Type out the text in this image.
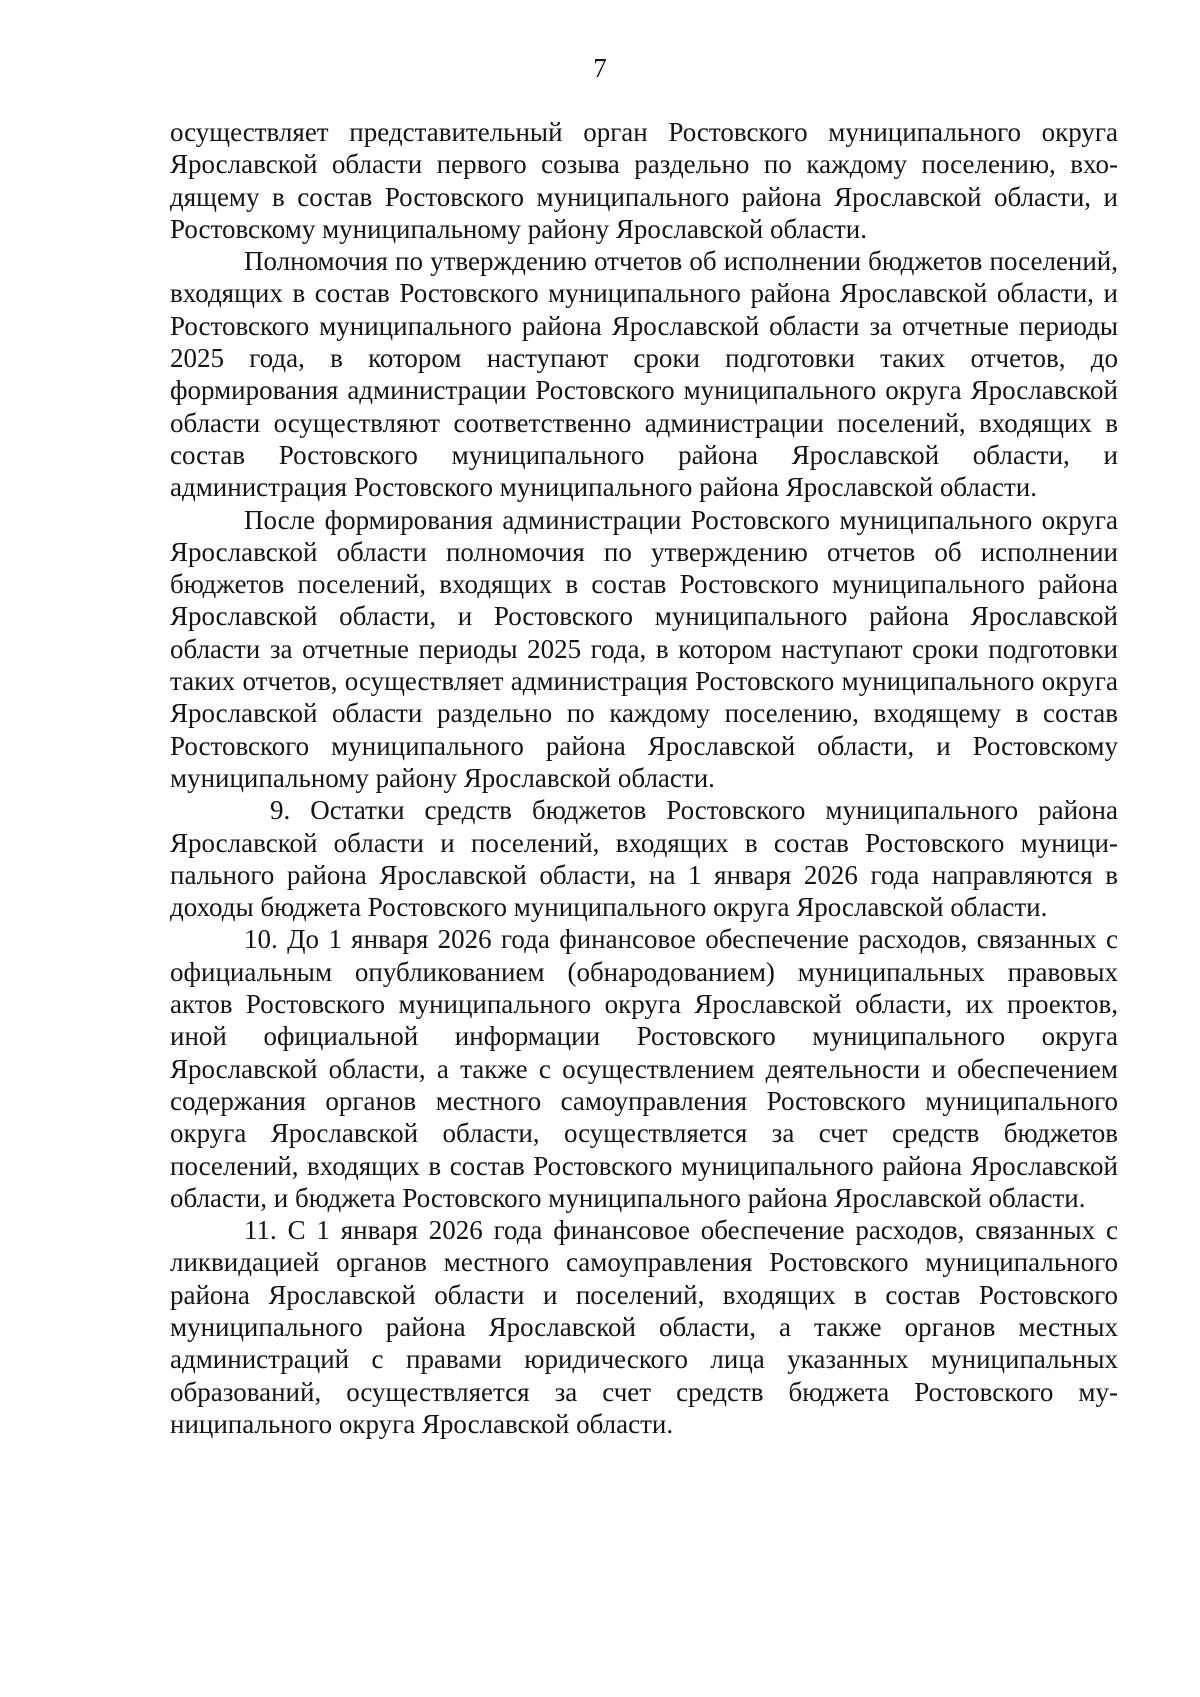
7

осуществляет представительный орган Ростовского муниципального округа Ярославской области первого созыва раздельно по каждому поселению, входящему в состав Ростовского муниципального района Ярославской области, и Ростовскому муниципальному району Ярославской области.

Полномочия по утверждению отчетов об исполнении бюджетов поселений, входящих в состав Ростовского муниципального района Ярославской области, и Ростовского муниципального района Ярославской области за отчетные периоды 2025 года, в котором наступают сроки подготовки таких отчетов, до формирования администрации Ростовского муниципального округа Ярославской области осуществляют соответственно администрации поселений, входящих в состав Ростовского муниципального района Ярославской области, и администрация Ростовского муниципального района Ярославской области.

После формирования администрации Ростовского муниципального округа Ярославской области полномочия по утверждению отчетов об исполнении бюджетов поселений, входящих в состав Ростовского муниципального района Ярославской области, и Ростовского муниципального района Ярославской области за отчетные периоды 2025 года, в котором наступают сроки подготовки таких отчетов, осуществляет администрация Ростовского муниципального округа Ярославской области раздельно по каждому поселению, входящему в состав Ростовского муниципального района Ярославской области, и Ростовскому муниципальному району Ярославской области.

9. Остатки средств бюджетов Ростовского муниципального района Ярославской области и поселений, входящих в состав Ростовского муниципального района Ярославской области, на 1 января 2026 года направляются в доходы бюджета Ростовского муниципального округа Ярославской области.

10. До 1 января 2026 года финансовое обеспечение расходов, связанных с официальным опубликованием (обнародованием) муниципальных правовых актов Ростовского муниципального округа Ярославской области, их проектов, иной официальной информации Ростовского муниципального округа Ярославской области, а также с осуществлением деятельности и обеспечением содержания органов местного самоуправления Ростовского муниципального округа Ярославской области, осуществляется за счет средств бюджетов поселений, входящих в состав Ростовского муниципального района Ярославской области, и бюджета Ростовского муниципального района Ярославской области.

11. С 1 января 2026 года финансовое обеспечение расходов, связанных с ликвидацией органов местного самоуправления Ростовского муниципального района Ярославской области и поселений, входящих в состав Ростовского муниципального района Ярославской области, а также органов местных администраций с правами юридического лица указанных муниципальных образований, осуществляется за счет средств бюджета Ростовского муниципального округа Ярославской области.
